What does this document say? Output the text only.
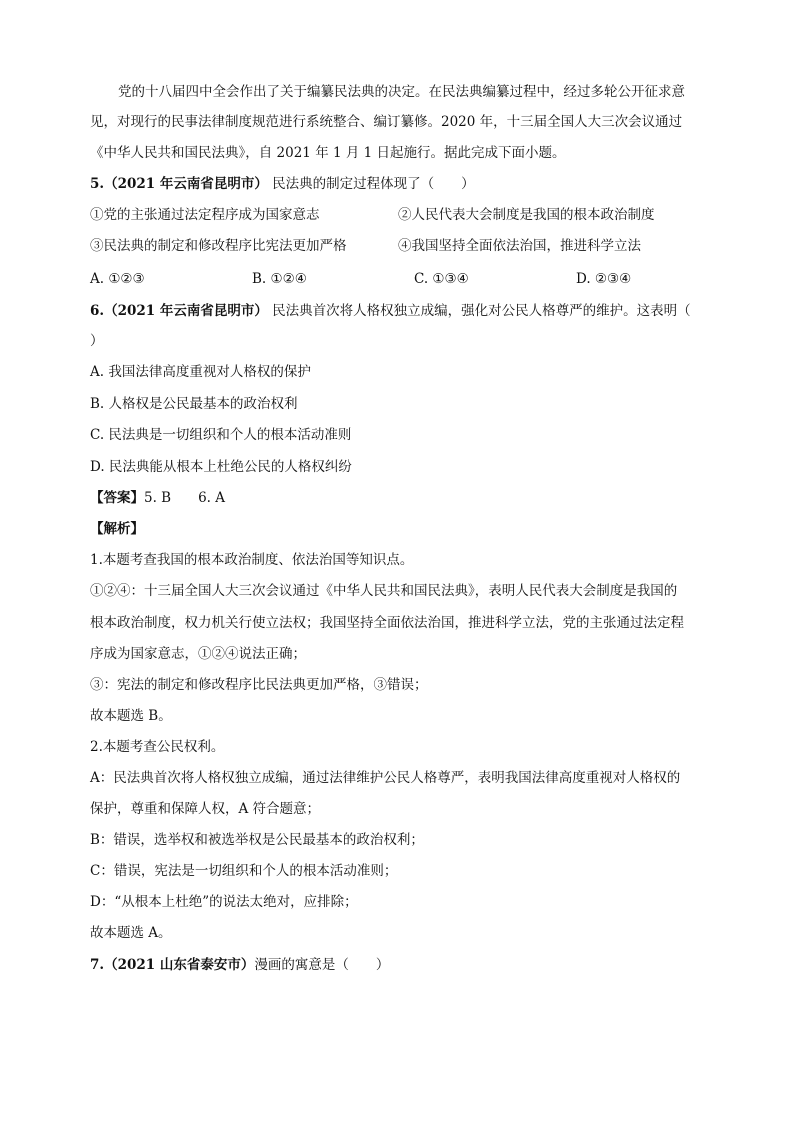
党的十八届四中全会作出了关于编纂民法典的决定。在民法典编纂过程中，经过多轮公开征求意
见，对现行的民事法律制度规范进行系统整合、编订纂修。2020 年，十三届全国人大三次会议通过
《中华人民共和国民法典》，自 2021 年 1 月 1 日起施行。据此完成下面小题。
5.（2021 年云南省昆明市） 民法典的制定过程体现了（　　）
①党的主张通过法定程序成为国家意志	②人民代表大会制度是我国的根本政治制度
③民法典的制定和修改程序比宪法更加严格	④我国坚持全面依法治国，推进科学立法
A. ①②③	B. ①②④	C. ①③④	D. ②③④
6.（2021 年云南省昆明市） 民法典首次将人格权独立成编，强化对公民人格尊严的维护。这表明（
）
A. 我国法律高度重视对人格权的保护
B. 人格权是公民最基本的政治权利
C. 民法典是一切组织和个人的根本活动准则
D. 民法典能从根本上杜绝公民的人格权纠纷
【答案】5. B　　6. A
【解析】
1.本题考查我国的根本政治制度、依法治国等知识点。
①②④：十三届全国人大三次会议通过《中华人民共和国民法典》，表明人民代表大会制度是我国的
根本政治制度，权力机关行使立法权；我国坚持全面依法治国，推进科学立法，党的主张通过法定程
序成为国家意志，①②④说法正确；
③：宪法的制定和修改程序比民法典更加严格，③错误；
故本题选 B。
2.本题考查公民权利。
A：民法典首次将人格权独立成编，通过法律维护公民人格尊严，表明我国法律高度重视对人格权的
保护，尊重和保障人权，A 符合题意；
B：错误，选举权和被选举权是公民最基本的政治权利；
C：错误，宪法是一切组织和个人的根本活动准则；
D：“从根本上杜绝”的说法太绝对，应排除；
故本题选 A。
7.（2021 山东省泰安市）漫画的寓意是（　　）
